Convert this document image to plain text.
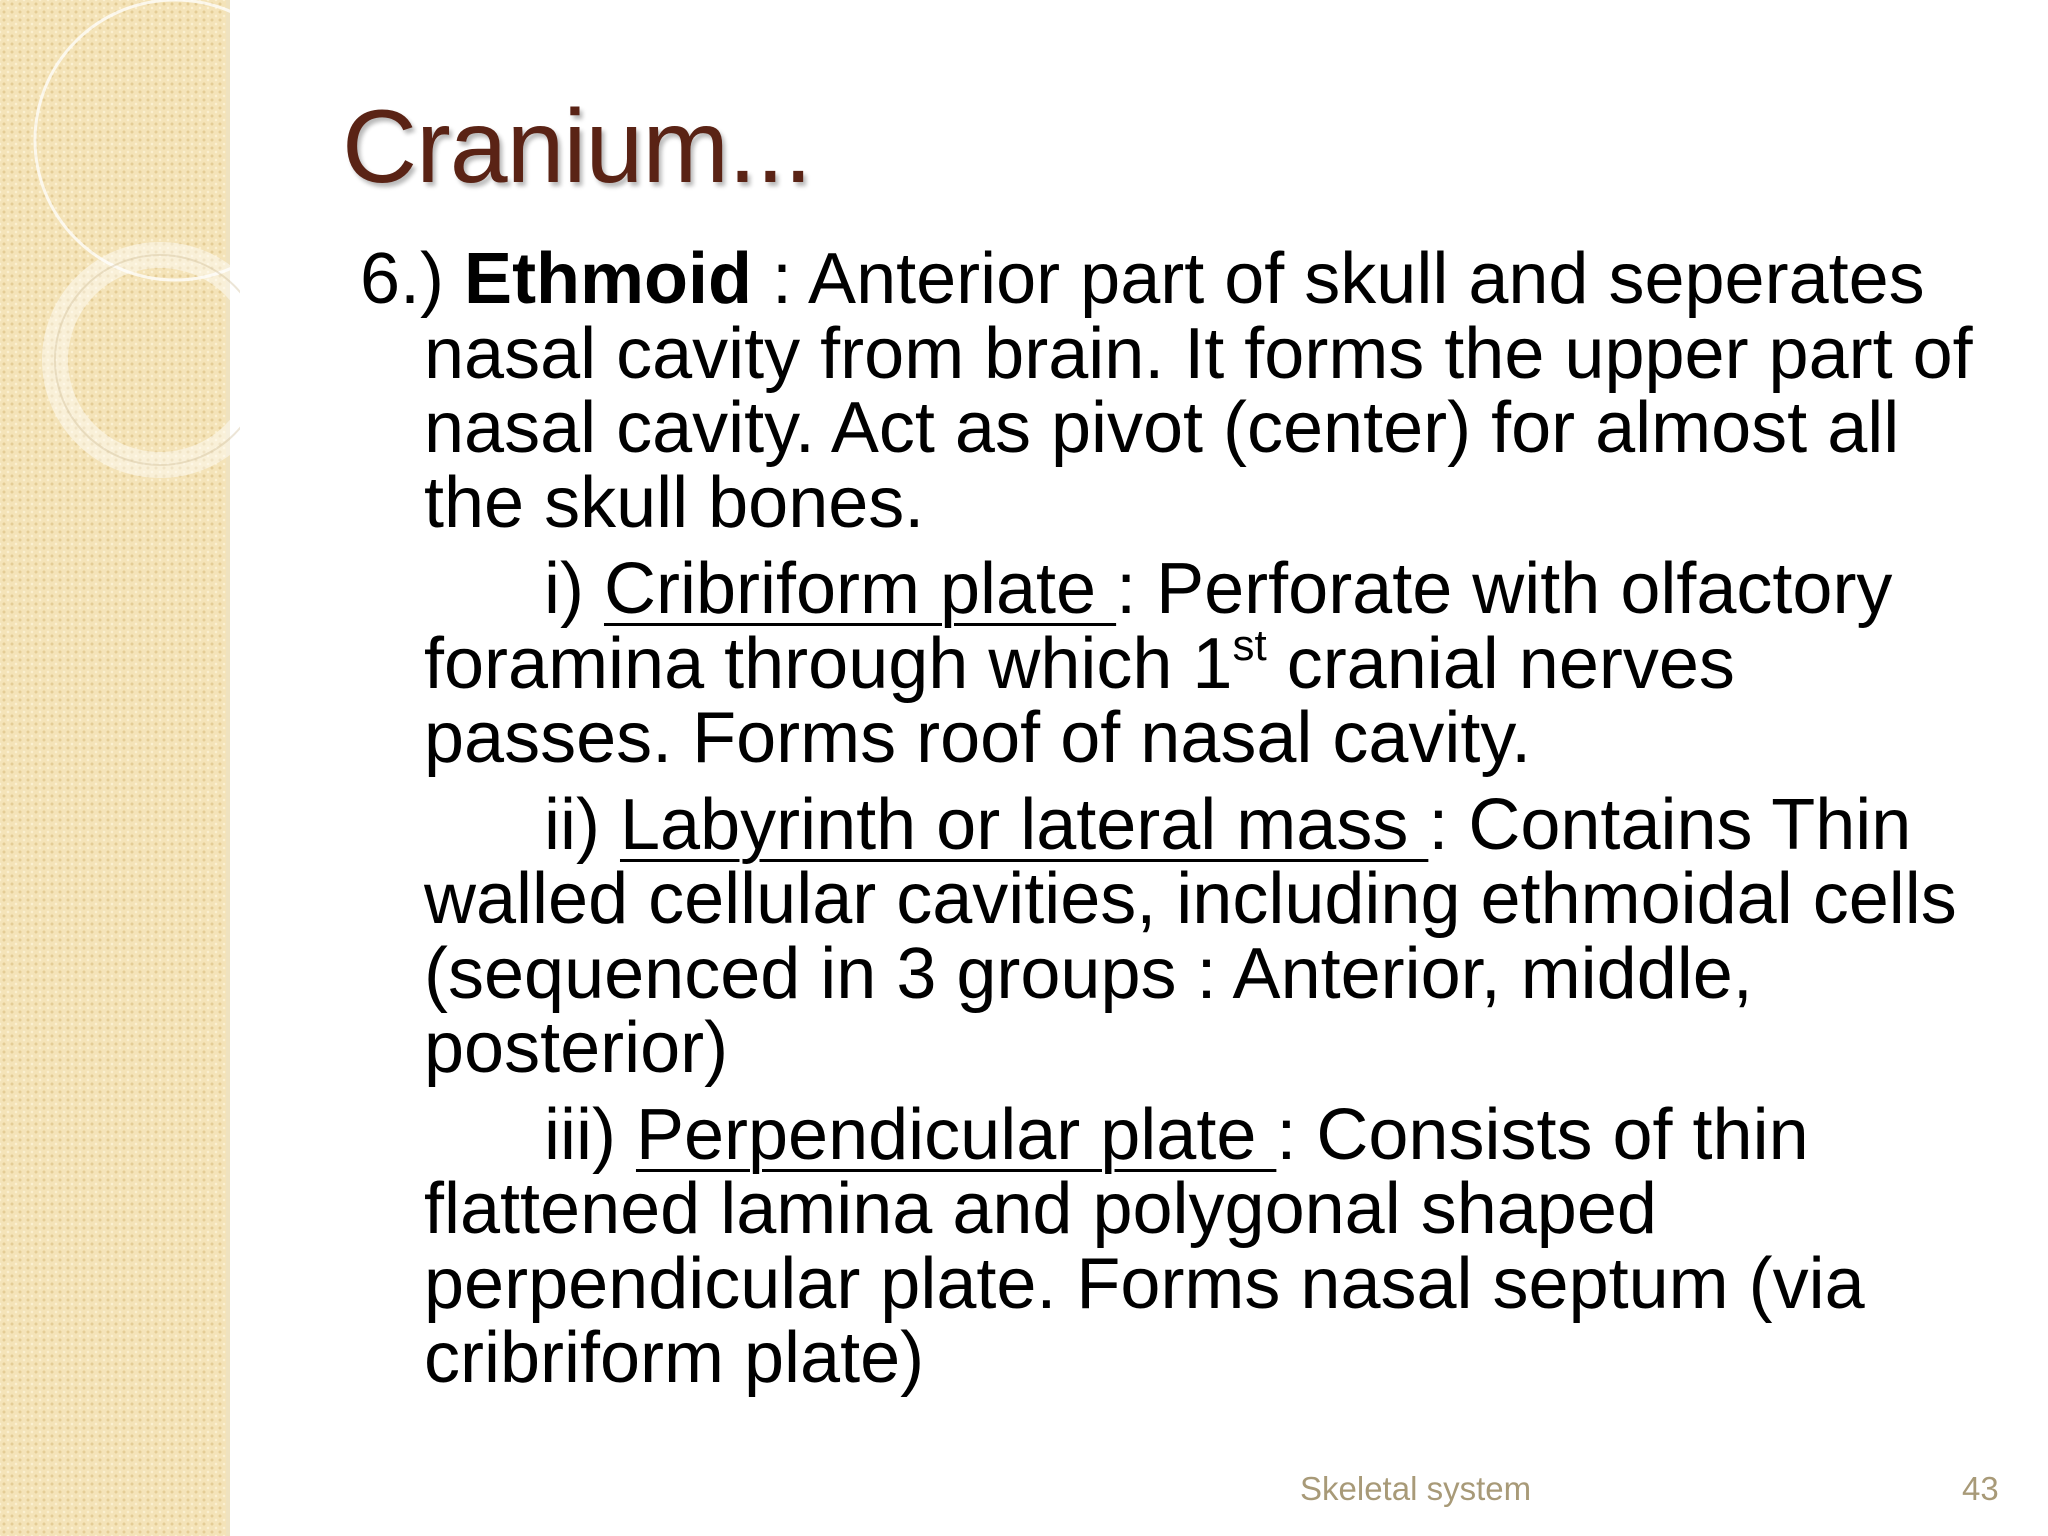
Cranium...

6.) Ethmoid : Anterior part of skull and seperates nasal cavity from brain. It forms the upper part of nasal cavity. Act as pivot (center) for almost all the skull bones.

i) Cribriform plate : Perforate with olfactory foramina through which 1st cranial nerves passes. Forms roof of nasal cavity.

ii) Labyrinth or lateral mass : Contains Thin walled cellular cavities, including ethmoidal cells (sequenced in 3 groups : Anterior, middle, posterior)

iii) Perpendicular plate : Consists of thin flattened lamina and polygonal shaped perpendicular plate. Forms nasal septum (via cribriform plate)

Skeletal system	43
